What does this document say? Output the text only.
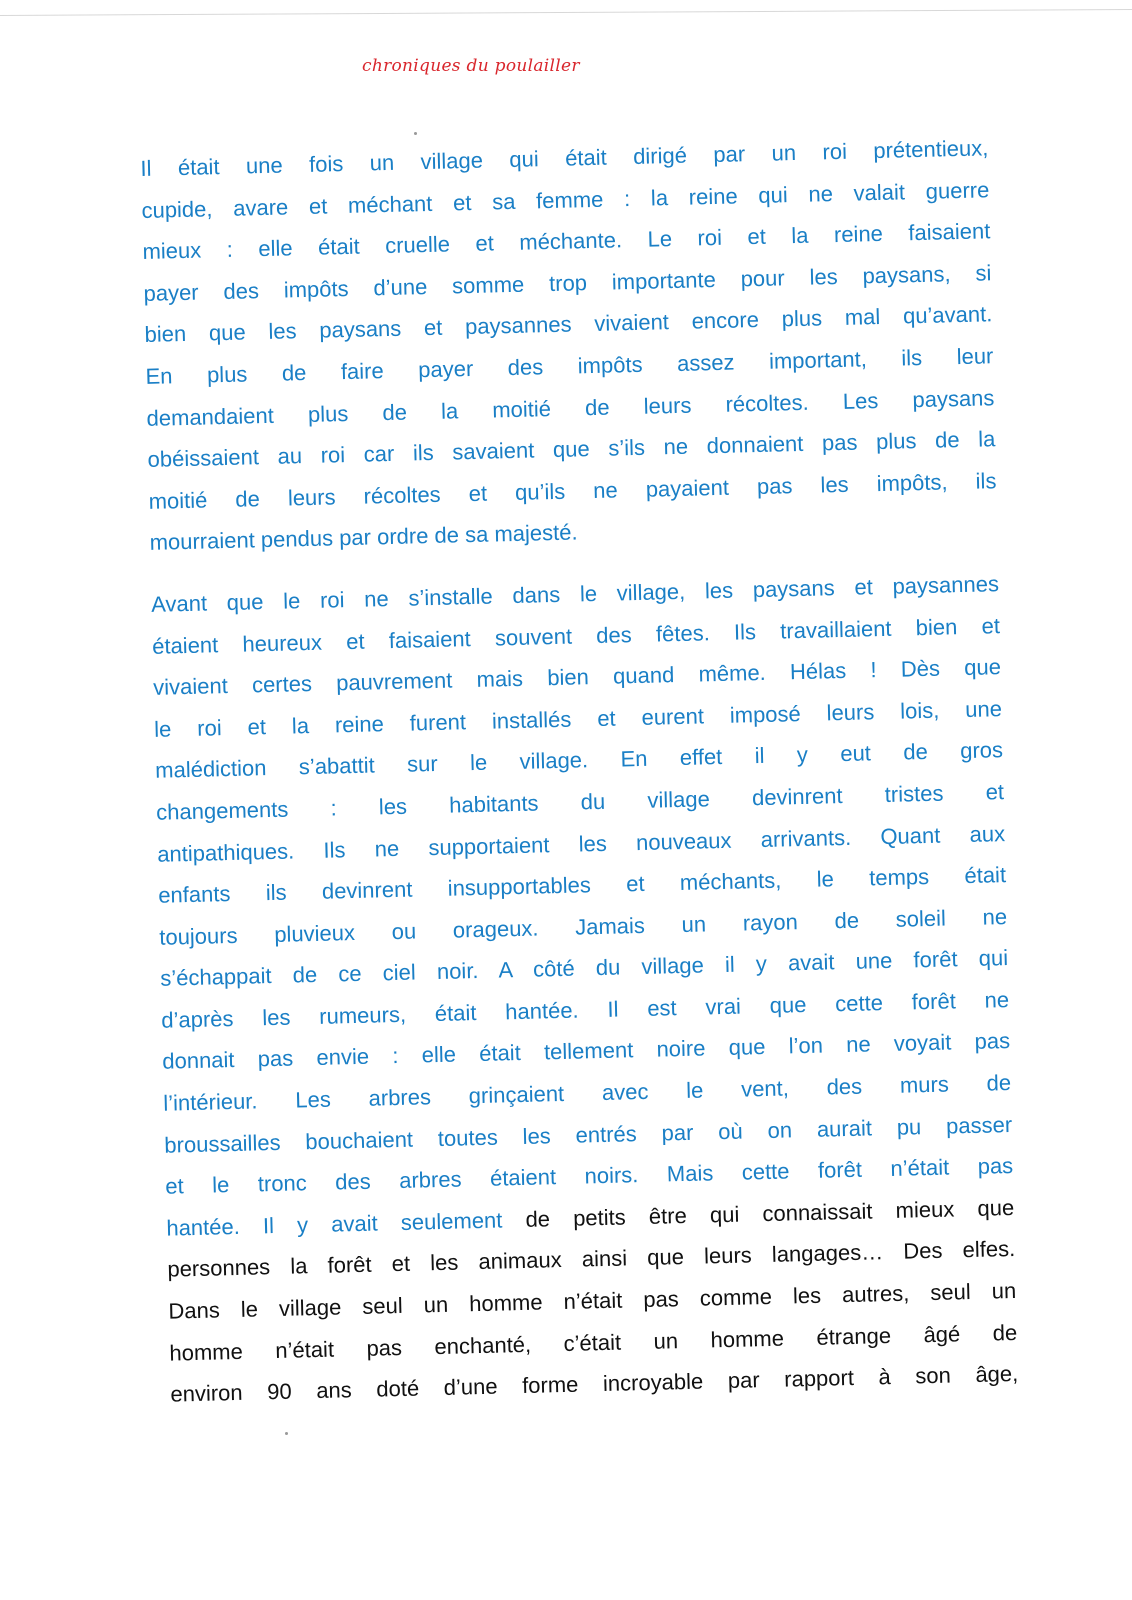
chroniques du poulailler
Il était une fois un village qui était dirigé par un roi prétentieux,
cupide, avare et méchant et sa femme : la reine qui ne valait guerre
mieux : elle était cruelle et méchante. Le roi et la reine faisaient
payer des impôts d’une somme trop importante pour les paysans, si
bien que les paysans et paysannes vivaient encore plus mal qu’avant.
En plus de faire payer des impôts assez important, ils leur
demandaient plus de la moitié de leurs récoltes. Les paysans
obéissaient au roi car ils savaient que s’ils ne donnaient pas plus de la
moitié de leurs récoltes et qu’ils ne payaient pas les impôts, ils
mourraient pendus par ordre de sa majesté.
Avant que le roi ne s’installe dans le village, les paysans et paysannes
étaient heureux et faisaient souvent des fêtes. Ils travaillaient bien et
vivaient certes pauvrement mais bien quand même. Hélas ! Dès que
le roi et la reine furent installés et eurent imposé leurs lois, une
malédiction s’abattit sur le village. En effet il y eut de gros
changements : les habitants du village devinrent tristes et
antipathiques. Ils ne supportaient les nouveaux arrivants. Quant aux
enfants ils devinrent insupportables et méchants, le temps était
toujours pluvieux ou orageux. Jamais un rayon de soleil ne
s’échappait de ce ciel noir. A côté du village il y avait une forêt qui
d’après les rumeurs, était hantée. Il est vrai que cette forêt ne
donnait pas envie : elle était tellement noire que l’on ne voyait pas
l’intérieur. Les arbres grinçaient avec le vent, des murs de
broussailles bouchaient toutes les entrés par où on aurait pu passer
et le tronc des arbres étaient noirs. Mais cette forêt n’était pas
hantée. Il y avait seulement de petits être qui connaissait mieux que
personnes la forêt et les animaux ainsi que leurs langages… Des elfes.
Dans le village seul un homme n’était pas comme les autres, seul un
homme n’était pas enchanté, c’était un homme étrange âgé de
environ 90 ans doté d’une forme incroyable par rapport à son âge,
